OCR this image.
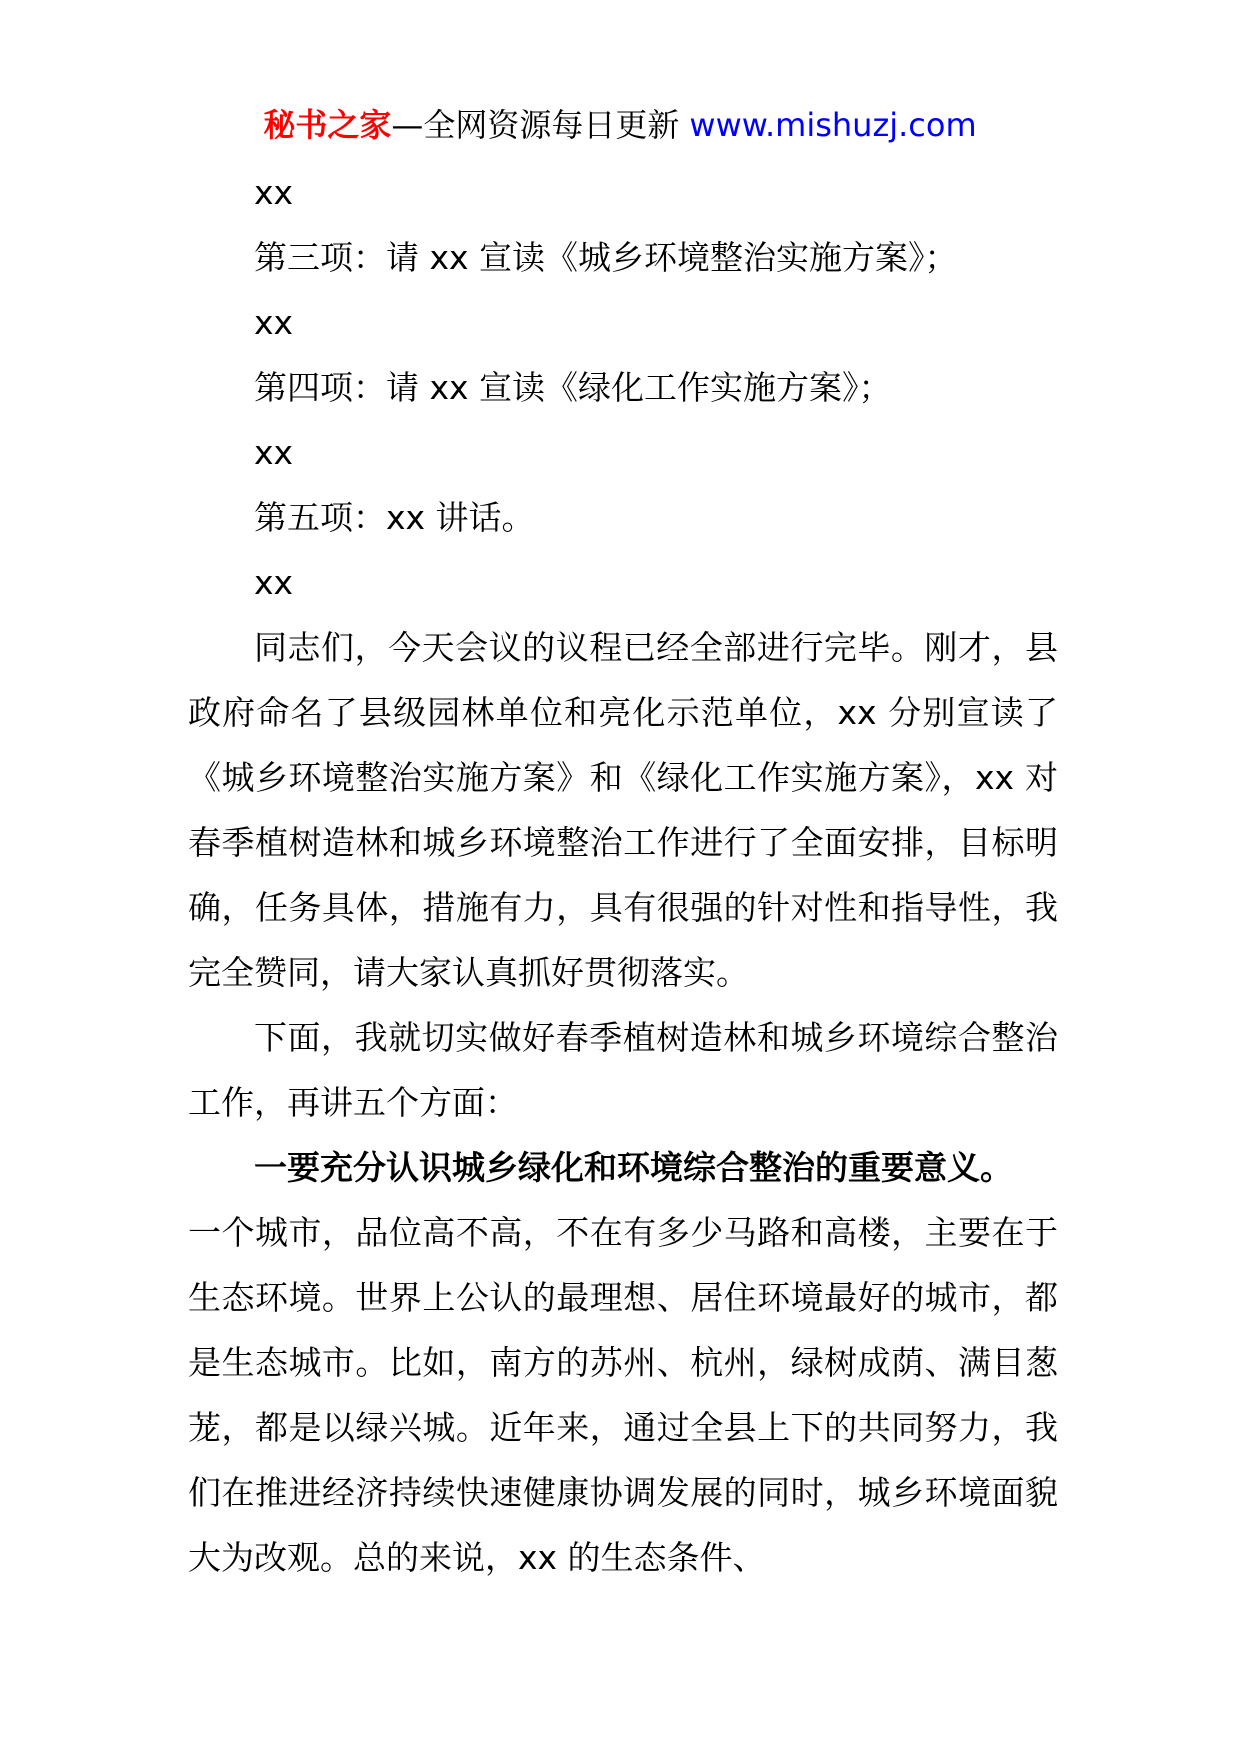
秘书之家—全网资源每日更新 www.mishuzj.com

xx

第三项：请 xx 宣读《城乡环境整治实施方案》；

xx

第四项：请 xx 宣读《绿化工作实施方案》；

xx

第五项：xx 讲话。

xx

同志们，今天会议的议程已经全部进行完毕。刚才，县政府命名了县级园林单位和亮化示范单位，xx 分别宣读了《城乡环境整治实施方案》和《绿化工作实施方案》，xx 对春季植树造林和城乡环境整治工作进行了全面安排，目标明确，任务具体，措施有力，具有很强的针对性和指导性，我完全赞同，请大家认真抓好贯彻落实。

下面，我就切实做好春季植树造林和城乡环境综合整治工作，再讲五个方面：

一要充分认识城乡绿化和环境综合整治的重要意义。

一个城市，品位高不高，不在有多少马路和高楼，主要在于生态环境。世界上公认的最理想、居住环境最好的城市，都是生态城市。比如，南方的苏州、杭州，绿树成荫、满目葱茏，都是以绿兴城。近年来，通过全县上下的共同努力，我们在推进经济持续快速健康协调发展的同时，城乡环境面貌大为改观。总的来说，xx 的生态条件、
